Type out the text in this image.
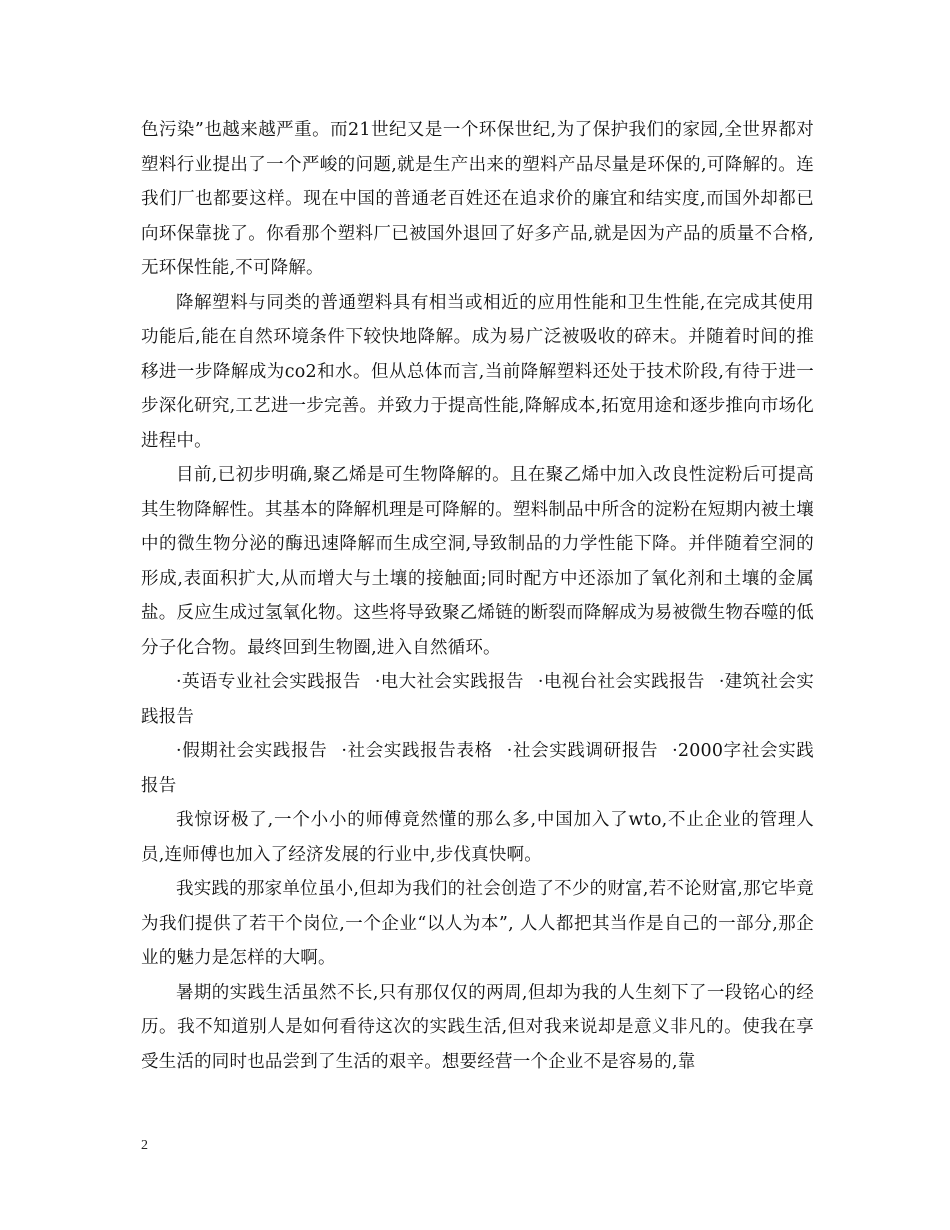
色污染”也越来越严重。而21世纪又是一个环保世纪,为了保护我们的家园,全世界都对塑料行业提出了一个严峻的问题,就是生产出来的塑料产品尽量是环保的,可降解的。连我们厂也都要这样。现在中国的普通老百姓还在追求价的廉宜和结实度,而国外却都已向环保靠拢了。你看那个塑料厂已被国外退回了好多产品,就是因为产品的质量不合格,无环保性能,不可降解。

降解塑料与同类的普通塑料具有相当或相近的应用性能和卫生性能,在完成其使用功能后,能在自然环境条件下较快地降解。成为易广泛被吸收的碎末。并随着时间的推移进一步降解成为co2和水。但从总体而言,当前降解塑料还处于技术阶段,有待于进一步深化研究,工艺进一步完善。并致力于提高性能,降解成本,拓宽用途和逐步推向市场化进程中。

目前,已初步明确,聚乙烯是可生物降解的。且在聚乙烯中加入改良性淀粉后可提高其生物降解性。其基本的降解机理是可降解的。塑料制品中所含的淀粉在短期内被土壤中的微生物分泌的酶迅速降解而生成空洞,导致制品的力学性能下降。并伴随着空洞的形成,表面积扩大,从而增大与土壤的接触面;同时配方中还添加了氧化剂和土壤的金属盐。反应生成过氢氧化物。这些将导致聚乙烯链的断裂而降解成为易被微生物吞噬的低分子化合物。最终回到生物圈,进入自然循环。

·英语专业社会实践报告 ·电大社会实践报告 ·电视台社会实践报告 ·建筑社会实践报告

·假期社会实践报告 ·社会实践报告表格 ·社会实践调研报告 ·2000字社会实践报告

我惊讶极了,一个小小的师傅竟然懂的那么多,中国加入了wto,不止企业的管理人员,连师傅也加入了经济发展的行业中,步伐真快啊。

我实践的那家单位虽小,但却为我们的社会创造了不少的财富,若不论财富,那它毕竟为我们提供了若干个岗位,一个企业“以人为本”, 人人都把其当作是自己的一部分,那企业的魅力是怎样的大啊。

暑期的实践生活虽然不长,只有那仅仅的两周,但却为我的人生刻下了一段铭心的经历。我不知道别人是如何看待这次的实践生活,但对我来说却是意义非凡的。使我在享受生活的同时也品尝到了生活的艰辛。想要经营一个企业不是容易的,靠

2
